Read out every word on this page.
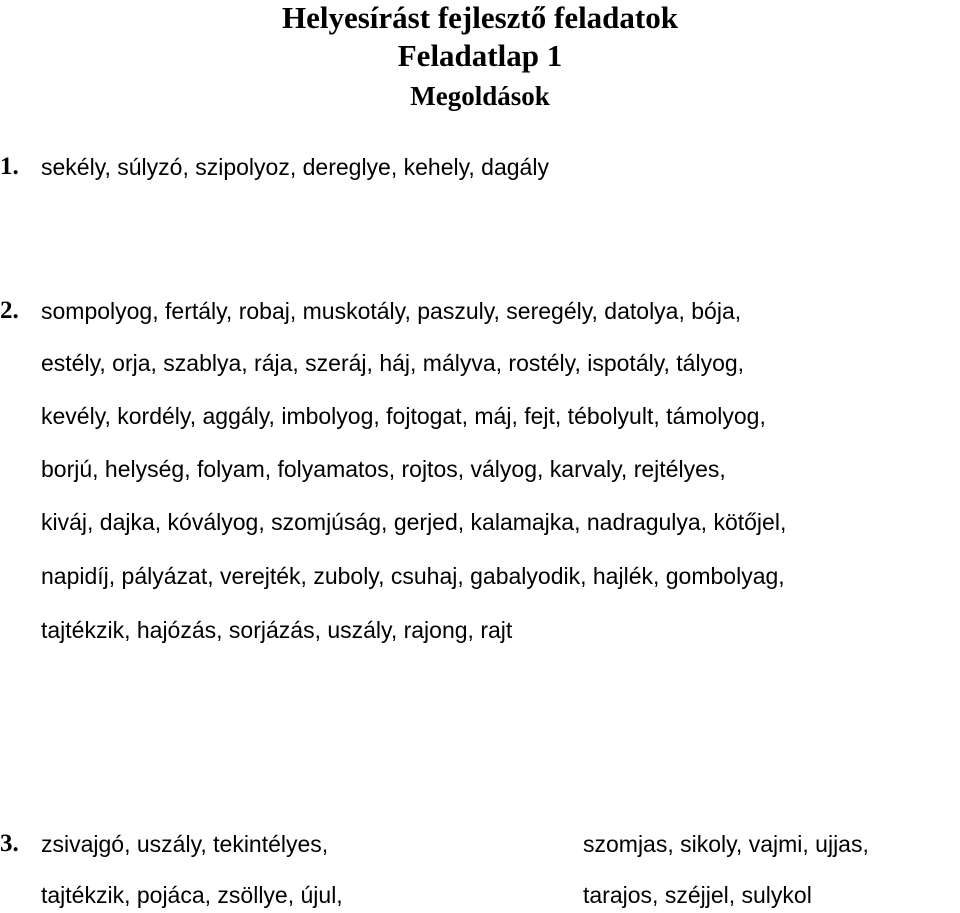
Helyesírást fejlesztő feladatok
Feladatlap 1
Megoldások
1. sekély, súlyzó, szipolyoz, dereglye, kehely, dagály
2. sompolyog, fertály, robaj, muskotály, paszuly, seregély, datolya, bója,
estély, orja, szablya, rája, szeráj, háj, mályva, rostély, ispotály, tályog,
kevély, kordély, aggály, imbolyog, fojtogat, máj, fejt, tébolyult, támolyog,
borjú, helység, folyam, folyamatos, rojtos, vályog, karvaly, rejtélyes,
kiváj, dajka, kóvályog, szomjúság, gerjed, kalamajka, nadragulya, kötőjel,
napidíj, pályázat, verejték, zuboly, csuhaj, gabalyodik, hajlék, gombolyag,
tajtékzik, hajózás, sorjázás, uszály, rajong, rajt
3. zsivajgó, uszály, tekintélyes,	szomjas, sikoly, vajmi, ujjas,
tajtékzik, pojáca, zsöllye, újul,	tarajos, széjjel, sulykol
